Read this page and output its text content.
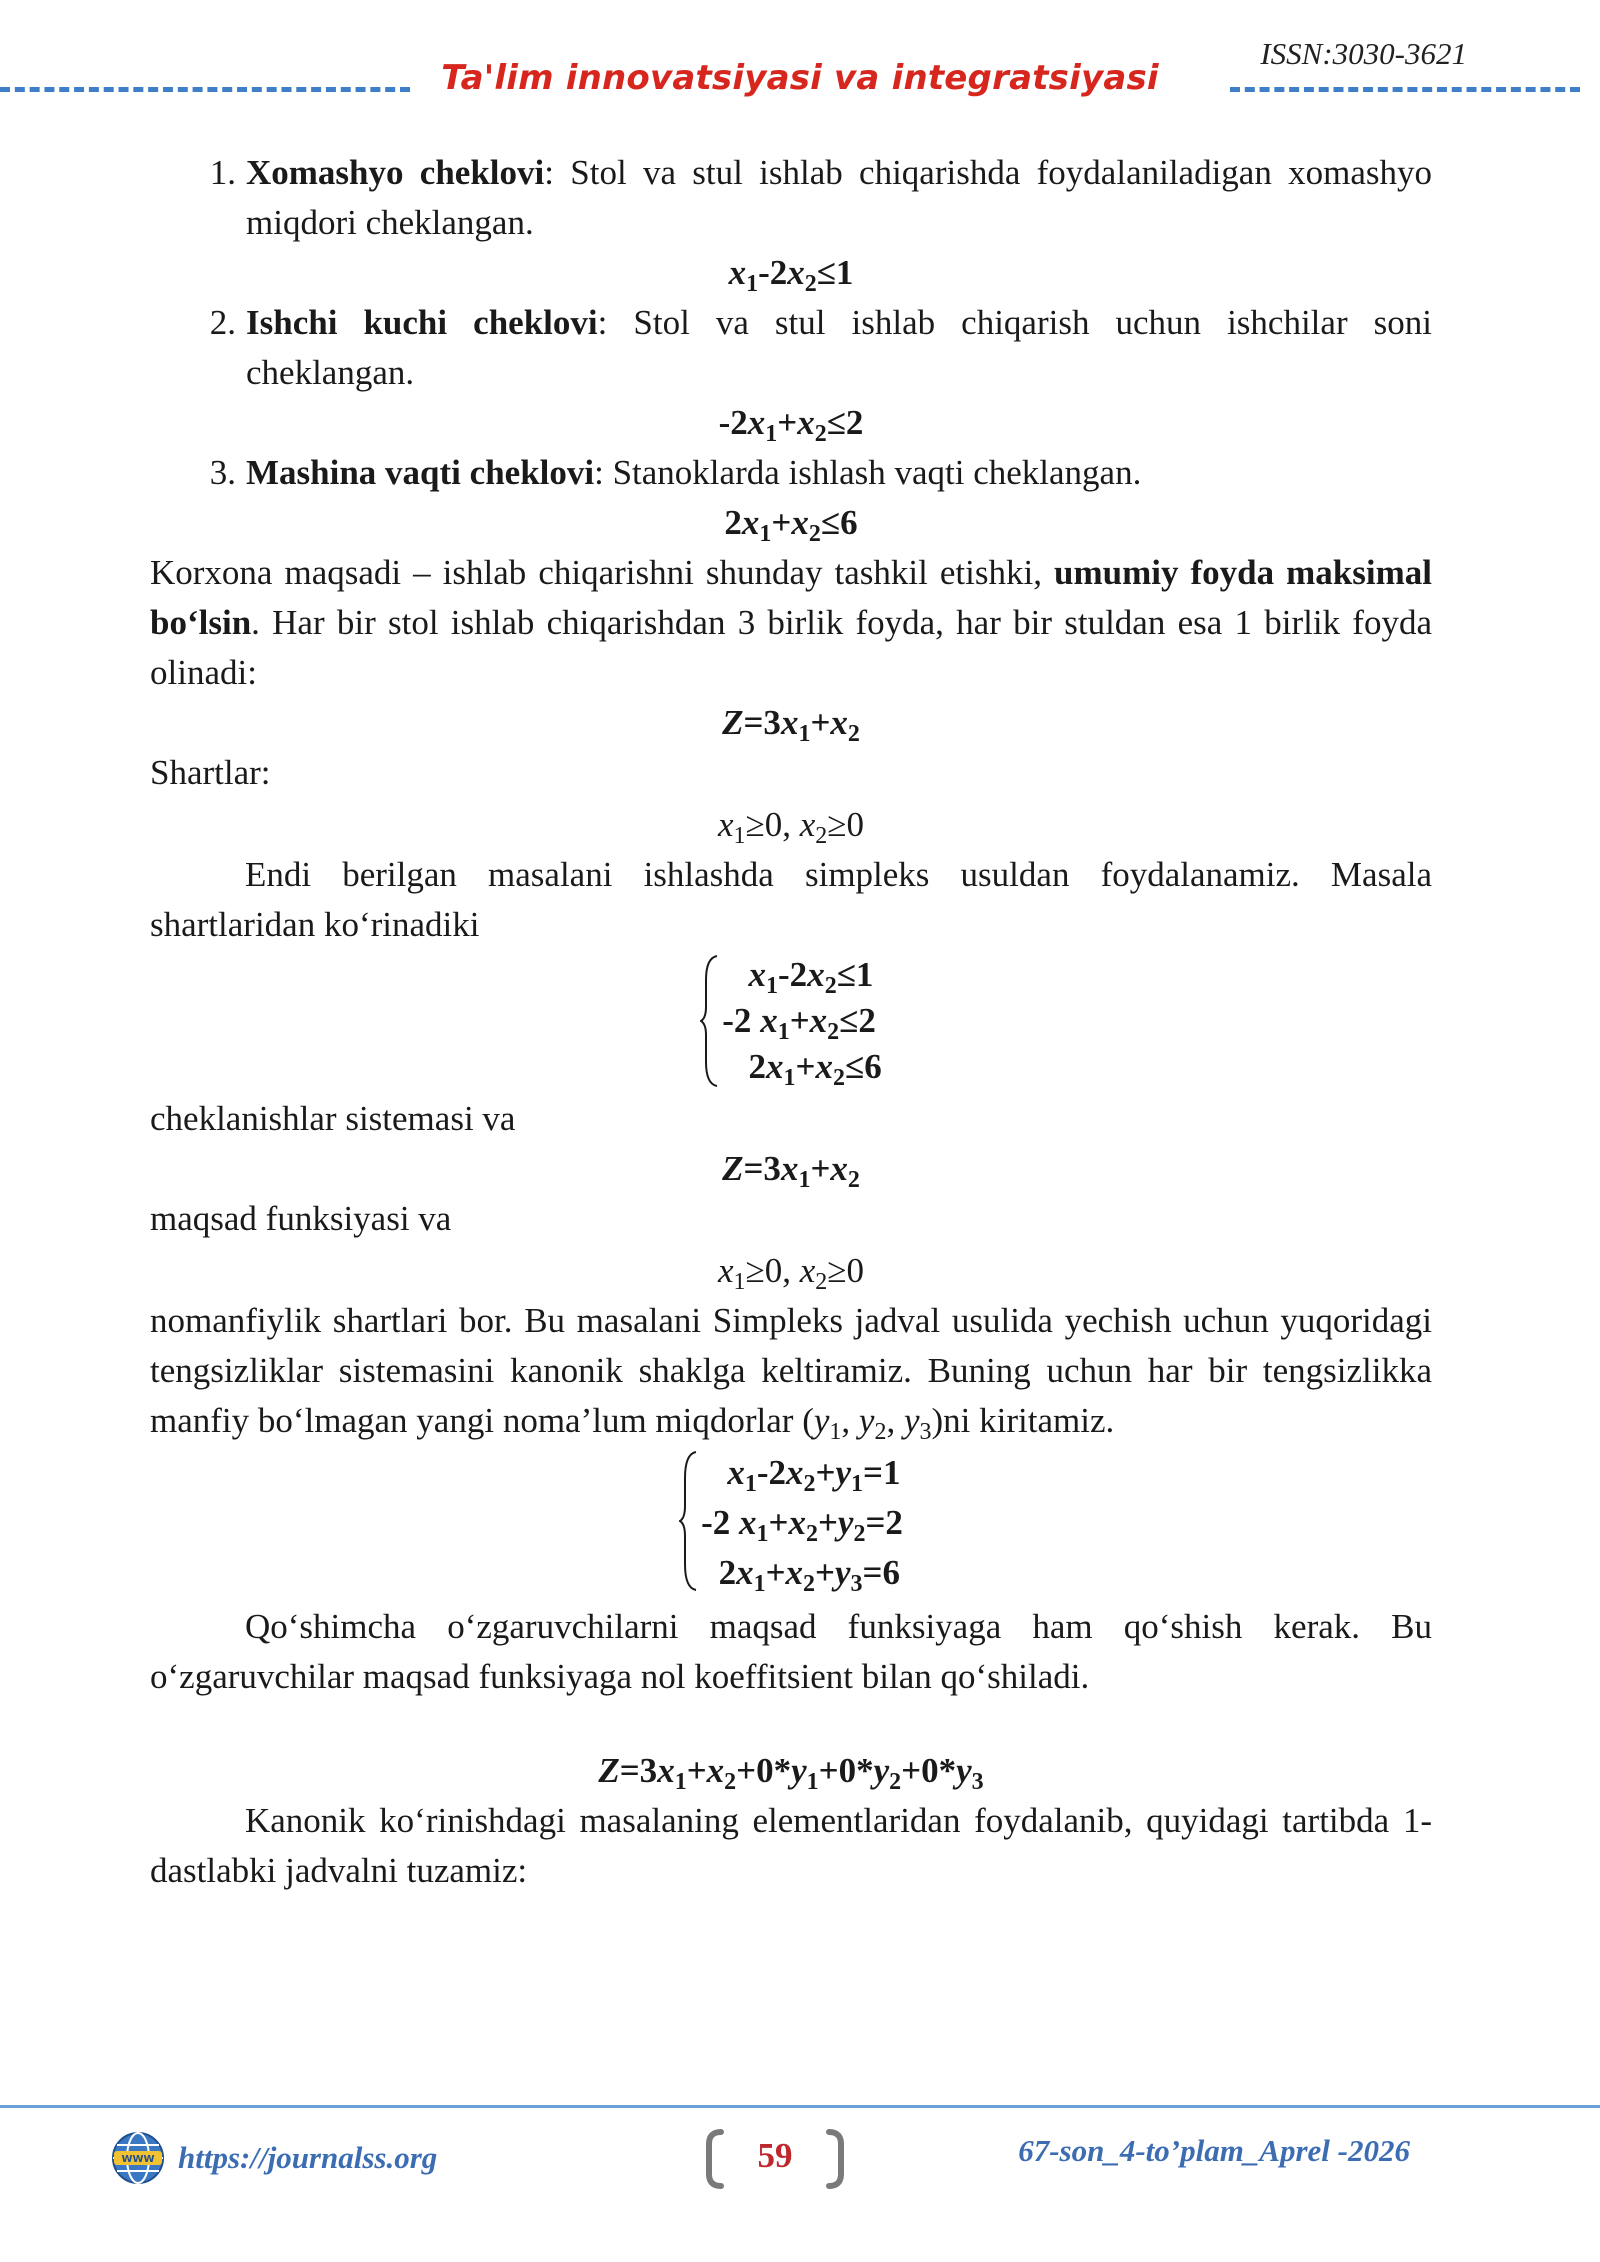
ISSN:3030-3621
Ta'lim innovatsiyasi va integratsiyasi
1. Xomashyo cheklovi: Stol va stul ishlab chiqarishda foydalaniladigan xomashyo miqdori cheklangan.

$x_1-2x_2\le 1$

2. Ishchi kuchi cheklovi: Stol va stul ishlab chiqarish uchun ishchilar soni cheklangan.

$-2x_1+x_2\le 2$

3. Mashina vaqti cheklovi: Stanoklarda ishlash vaqti cheklangan.

$2x_1+x_2\le 6$

Korxona maqsadi – ishlab chiqarishni shunday tashkil etishki, umumiy foyda maksimal bo‘lsin. Har bir stol ishlab chiqarishdan 3 birlik foyda, har bir stuldan esa 1 birlik foyda olinadi:

$Z=3x_1+x_2$

Shartlar:

$x_1\ge 0$, $x_2\ge 0$

Endi berilgan masalani ishlashda simpleks usuldan foydalanamiz. Masala shartlaridan ko‘rinadiki

$x_1-2x_2\le 1$
-2 $x_1+x_2\le 2$
$2x_1+x_2\le 6$

cheklanishlar sistemasi va

$Z=3x_1+x_2$

maqsad funksiyasi va

$x_1\ge 0$, $x_2\ge 0$

nomanfiylik shartlari bor. Bu masalani Simpleks jadval usulida yechish uchun yuqoridagi tengsizliklar sistemasini kanonik shaklga keltiramiz. Buning uchun har bir tengsizlikka manfiy bo‘lmagan yangi noma’lum miqdorlar ($y_1$, $y_2$, $y_3)ni$ kiritamiz.

$x_1-2x_2+y_1=1$
-2 $x_1+x_2+y_2=2$
$2x_1+x_2+y_3=6$

Qo‘shimcha o‘zgaruvchilarni maqsad funksiyaga ham qo‘shish kerak. Bu o‘zgaruvchilar maqsad funksiyaga nol koeffitsient bilan qo‘shiladi.

$Z=3x_1+x_2+0*y_1+0*y_2+0*y_3$

Kanonik ko‘rinishdagi masalaning elementlaridan foydalanib, quyidagi tartibda 1-dastlabki jadvalni tuzamiz:

WWW https://journalss.org	59	67-son_4-to’plam_Aprel -2026
